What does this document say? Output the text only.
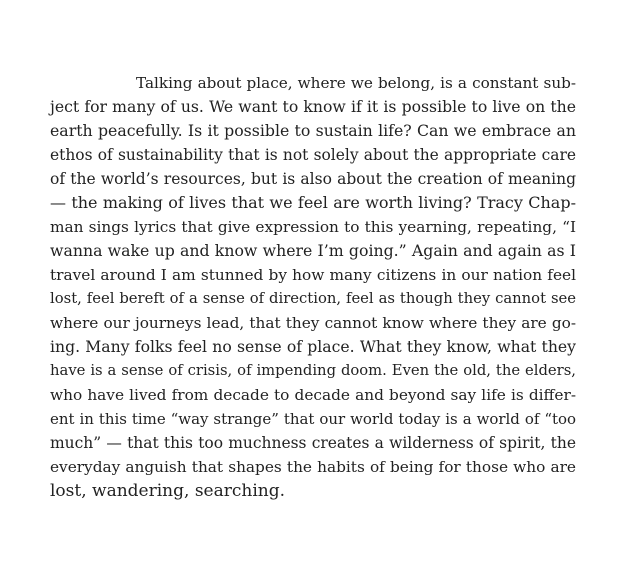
Talking about place, where we belong, is a constant sub-
ject for many of us. We want to know if it is possible to live on the
earth peacefully. Is it possible to sustain life? Can we embrace an
ethos of sustainability that is not solely about the appropriate care
of the world’s resources, but is also about the creation of meaning
— the making of lives that we feel are worth living? Tracy Chap-
man sings lyrics that give expression to this yearning, repeating, “I
wanna wake up and know where I’m going.” Again and again as I
travel around I am stunned by how many citizens in our nation feel
lost, feel bereft of a sense of direction, feel as though they cannot see
where our journeys lead, that they cannot know where they are go-
ing. Many folks feel no sense of place. What they know, what they
have is a sense of crisis, of impending doom. Even the old, the elders,
who have lived from decade to decade and beyond say life is differ-
ent in this time “way strange” that our world today is a world of “too
much” — that this too muchness creates a wilderness of spirit, the
everyday anguish that shapes the habits of being for those who are
lost, wandering, searching.
